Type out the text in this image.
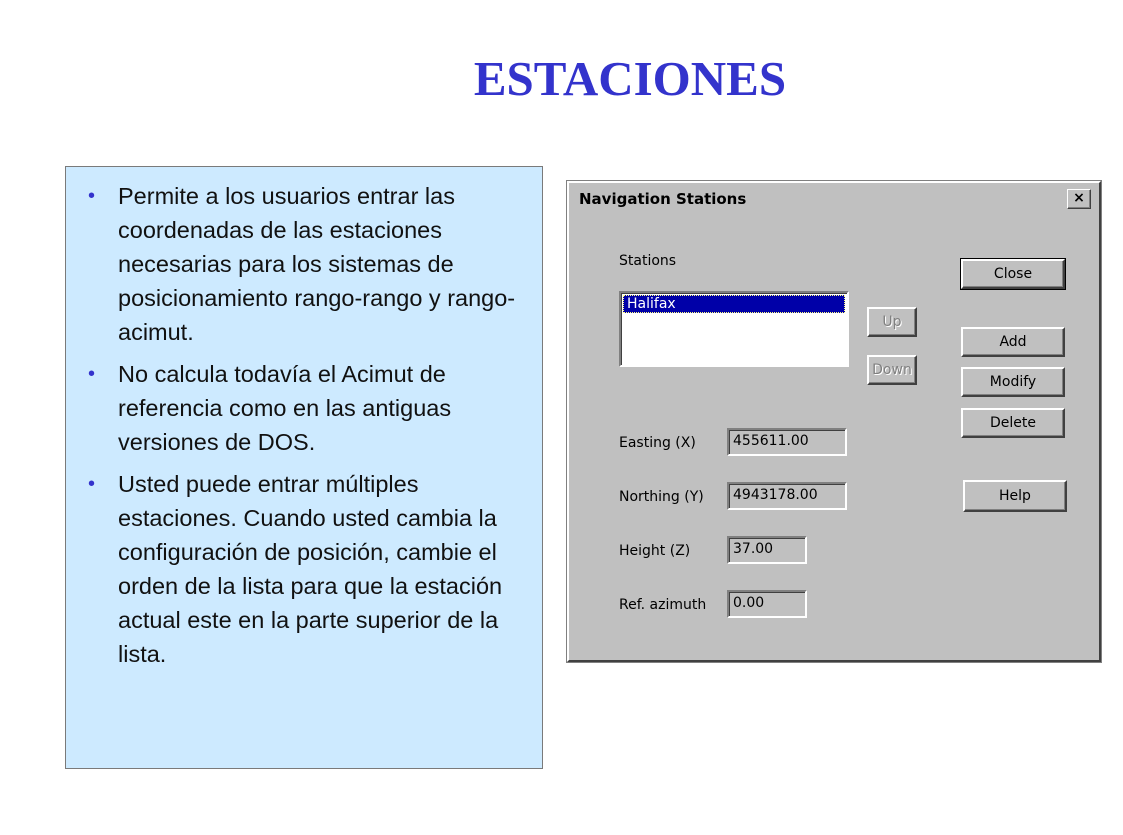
ESTACIONES
• Permite a los usuarios entrar las coordenadas de las estaciones necesarias para los sistemas de posicionamiento rango-rango y rango-acimut.
• No calcula todavía el Acimut de referencia como en las antiguas versiones de DOS.
• Usted puede entrar múltiples estaciones. Cuando usted cambia la configuración de posición, cambie el orden de la lista para que la estación actual este en la parte superior de la lista.
Navigation Stations	×
Stations
Halifax
Up
Down
Close
Add
Modify
Delete
Help
Easting (X)	455611.00
Northing (Y)	4943178.00
Height (Z)	37.00
Ref. azimuth	0.00
